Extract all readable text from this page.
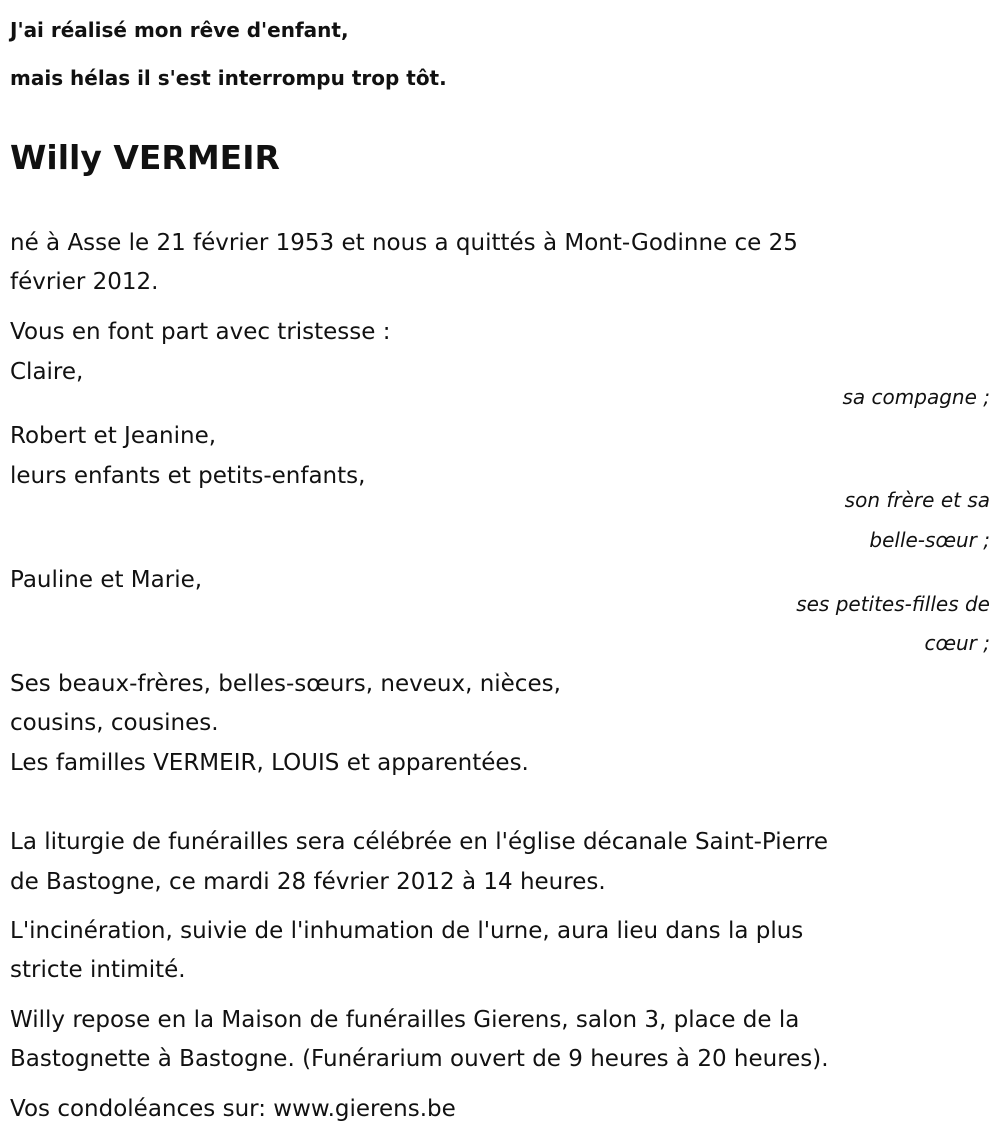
J'ai réalisé mon rêve d'enfant,
mais hélas il s'est interrompu trop tôt.
Willy VERMEIR
né à Asse le 21 février 1953 et nous a quittés à Mont-Godinne ce 25
février 2012.
Vous en font part avec tristesse :
Claire,
sa compagne ;
Robert et Jeanine,
leurs enfants et petits-enfants,
son frère et sa
belle-sœur ;
Pauline et Marie,
ses petites-filles de
cœur ;
Ses beaux-frères, belles-sœurs, neveux, nièces,
cousins, cousines.
Les familles VERMEIR, LOUIS et apparentées.
La liturgie de funérailles sera célébrée en l'église décanale Saint-Pierre
de Bastogne, ce mardi 28 février 2012 à 14 heures.
L'incinération, suivie de l'inhumation de l'urne, aura lieu dans la plus
stricte intimité.
Willy repose en la Maison de funérailles Gierens, salon 3, place de la
Bastognette à Bastogne. (Funérarium ouvert de 9 heures à 20 heures).
Vos condoléances sur: www.gierens.be
